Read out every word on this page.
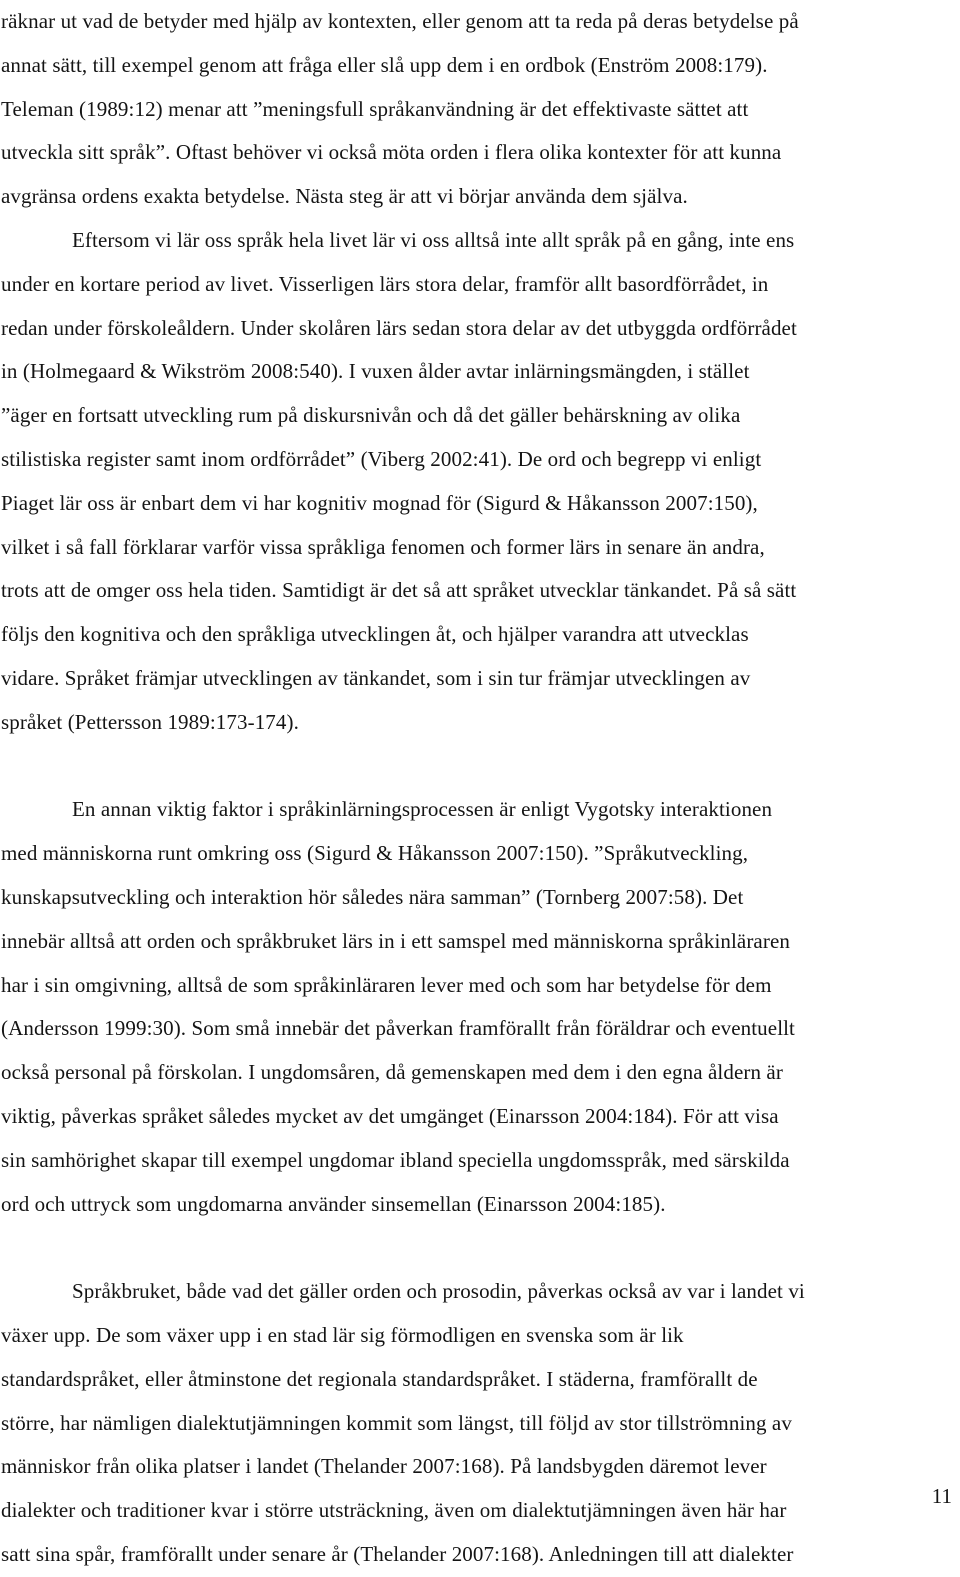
räknar ut vad de betyder med hjälp av kontexten, eller genom att ta reda på deras betydelse på
annat sätt, till exempel genom att fråga eller slå upp dem i en ordbok (Enström 2008:179).
Teleman (1989:12) menar att ”meningsfull språkanvändning är det effektivaste sättet att
utveckla sitt språk”. Oftast behöver vi också möta orden i flera olika kontexter för att kunna
avgränsa ordens exakta betydelse. Nästa steg är att vi börjar använda dem själva.
Eftersom vi lär oss språk hela livet lär vi oss alltså inte allt språk på en gång, inte ens
under en kortare period av livet. Visserligen lärs stora delar, framför allt basordförrådet, in
redan under förskoleåldern. Under skolåren lärs sedan stora delar av det utbyggda ordförrådet
in (Holmegaard & Wikström 2008:540). I vuxen ålder avtar inlärningsmängden, i stället
”äger en fortsatt utveckling rum på diskursnivån och då det gäller behärskning av olika
stilistiska register samt inom ordförrådet” (Viberg 2002:41). De ord och begrepp vi enligt
Piaget lär oss är enbart dem vi har kognitiv mognad för (Sigurd & Håkansson 2007:150),
vilket i så fall förklarar varför vissa språkliga fenomen och former lärs in senare än andra,
trots att de omger oss hela tiden. Samtidigt är det så att språket utvecklar tänkandet. På så sätt
följs den kognitiva och den språkliga utvecklingen åt, och hjälper varandra att utvecklas
vidare. Språket främjar utvecklingen av tänkandet, som i sin tur främjar utvecklingen av
språket (Pettersson 1989:173-174).
En annan viktig faktor i språkinlärningsprocessen är enligt Vygotsky interaktionen
med människorna runt omkring oss (Sigurd & Håkansson 2007:150). ”Språkutveckling,
kunskapsutveckling och interaktion hör således nära samman” (Tornberg 2007:58). Det
innebär alltså att orden och språkbruket lärs in i ett samspel med människorna språkinläraren
har i sin omgivning, alltså de som språkinläraren lever med och som har betydelse för dem
(Andersson 1999:30). Som små innebär det påverkan framförallt från föräldrar och eventuellt
också personal på förskolan. I ungdomsåren, då gemenskapen med dem i den egna åldern är
viktig, påverkas språket således mycket av det umgänget (Einarsson 2004:184). För att visa
sin samhörighet skapar till exempel ungdomar ibland speciella ungdomsspråk, med särskilda
ord och uttryck som ungdomarna använder sinsemellan (Einarsson 2004:185).
Språkbruket, både vad det gäller orden och prosodin, påverkas också av var i landet vi
växer upp. De som växer upp i en stad lär sig förmodligen en svenska som är lik
standardspråket, eller åtminstone det regionala standardspråket. I städerna, framförallt de
större, har nämligen dialektutjämningen kommit som längst, till följd av stor tillströmning av
människor från olika platser i landet (Thelander 2007:168). På landsbygden däremot lever
dialekter och traditioner kvar i större utsträckning, även om dialektutjämningen även här har
satt sina spår, framförallt under senare år (Thelander 2007:168). Anledningen till att dialekter
11
